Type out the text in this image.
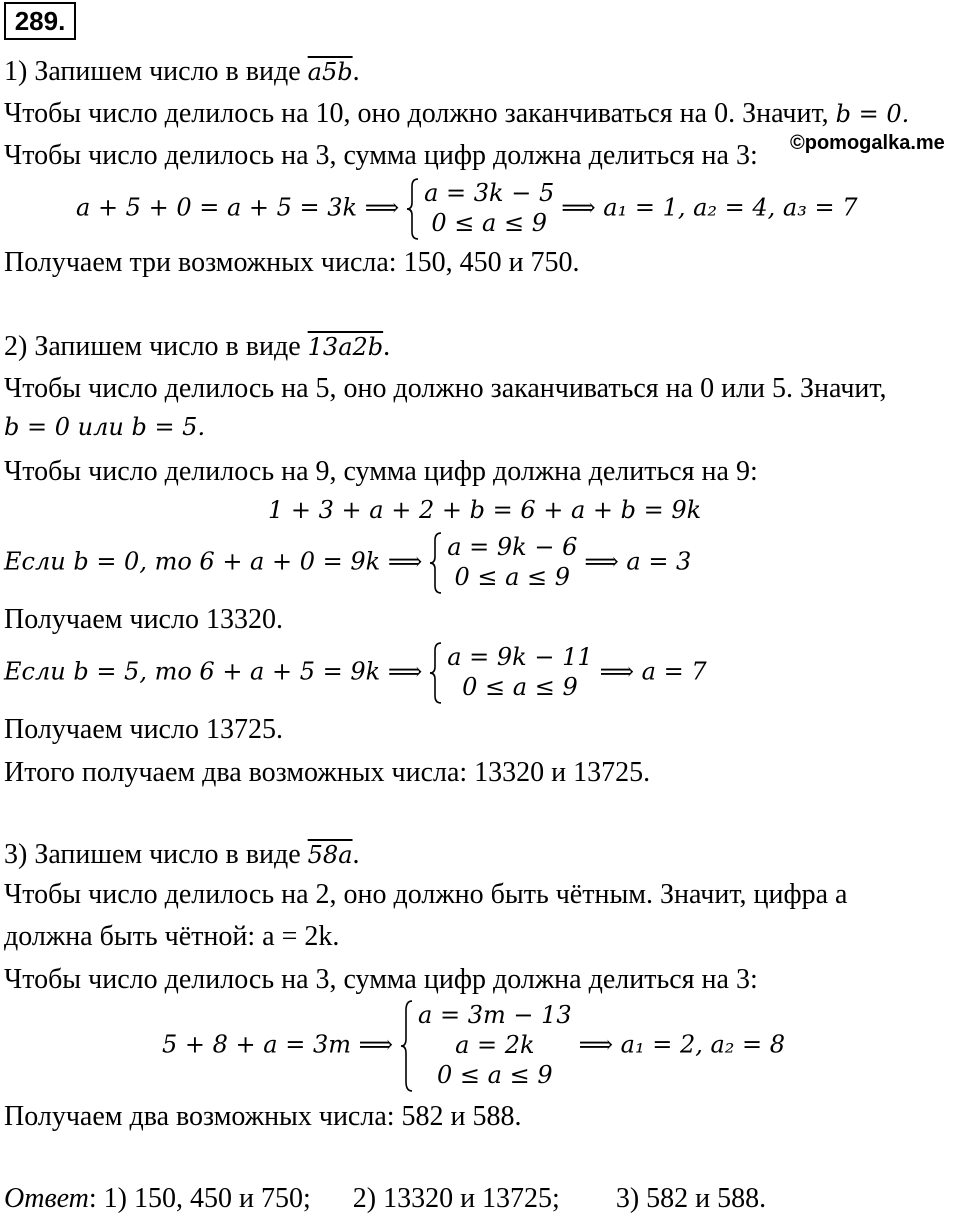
289.
©pomogalka.me
1) Запишем число в виде a5b.
Чтобы число делилось на 10, оно должно заканчиваться на 0. Значит, b = 0.
Чтобы число делилось на 3, сумма цифр должна делиться на 3:
a + 5 + 0 = a + 5 = 3k ⟹
a = 3k − 5
0 ≤ a ≤ 9
⟹ a₁ = 1, a₂ = 4, a₃ = 7
Получаем три возможных числа: 150, 450 и 750.
2) Запишем число в виде 13a2b.
Чтобы число делилось на 5, оно должно заканчиваться на 0 или 5. Значит,
b = 0 или b = 5.
Чтобы число делилось на 9, сумма цифр должна делиться на 9:
1 + 3 + a + 2 + b = 6 + a + b = 9k
Если b = 0, то 6 + a + 0 = 9k ⟹
a = 9k − 6
0 ≤ a ≤ 9
⟹ a = 3
Получаем число 13320.
Если b = 5, то 6 + a + 5 = 9k ⟹
a = 9k − 11
0 ≤ a ≤ 9
⟹ a = 7
Получаем число 13725.
Итого получаем два возможных числа: 13320 и 13725.
3) Запишем число в виде 58a.
Чтобы число делилось на 2, оно должно быть чётным. Значит, цифра a
должна быть чётной: a = 2k.
Чтобы число делилось на 3, сумма цифр должна делиться на 3:
5 + 8 + a = 3m ⟹
a = 3m − 13
a = 2k
0 ≤ a ≤ 9
⟹ a₁ = 2, a₂ = 8
Получаем два возможных числа: 582 и 588.
Ответ: 1) 150, 450 и 750;      2) 13320 и 13725;        3) 582 и 588.
